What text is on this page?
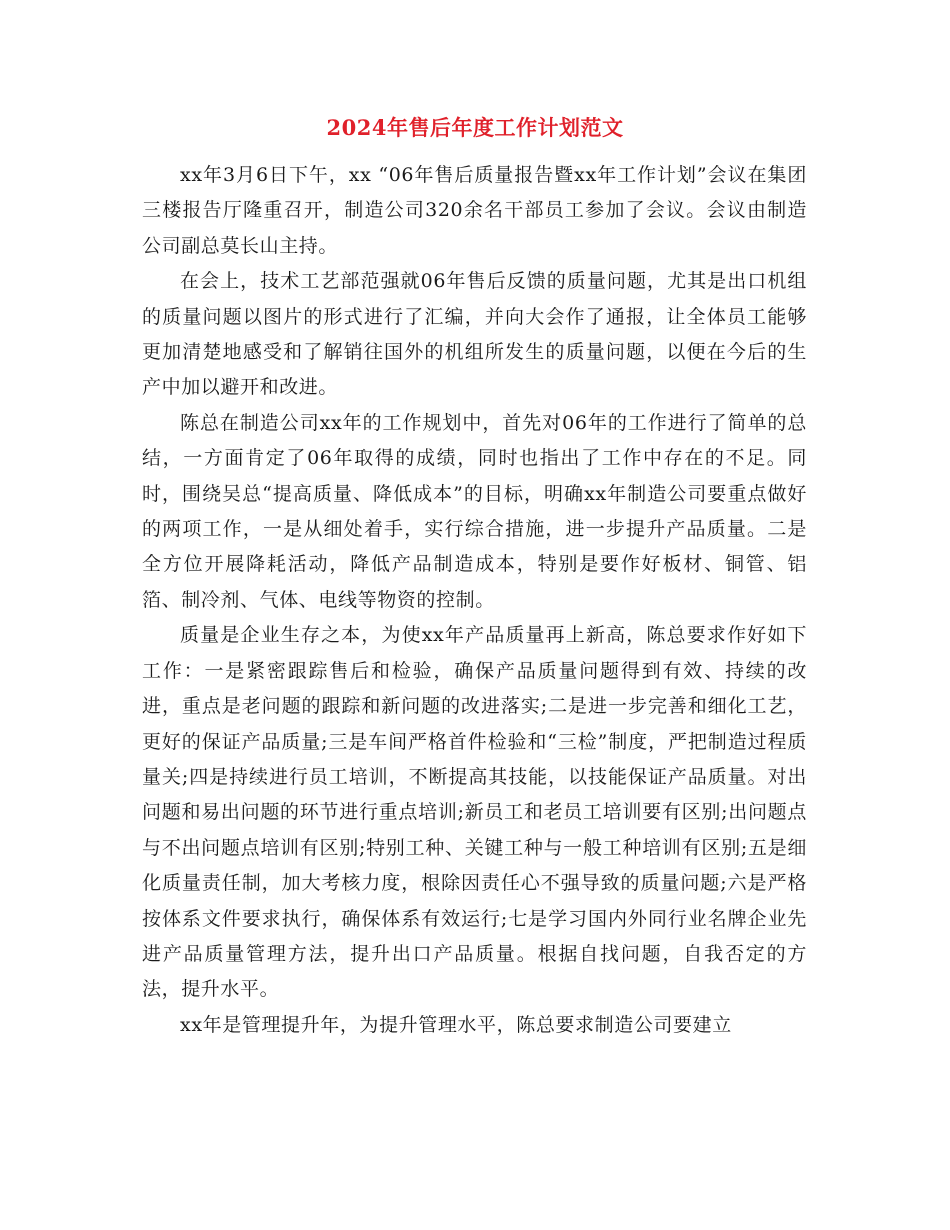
2024年售后年度工作计划范文

xx年3月6日下午，xx “06年售后质量报告暨xx年工作计划”会议在集团三楼报告厅隆重召开，制造公司320余名干部员工参加了会议。会议由制造公司副总莫长山主持。

在会上，技术工艺部范强就06年售后反馈的质量问题，尤其是出口机组的质量问题以图片的形式进行了汇编，并向大会作了通报，让全体员工能够更加清楚地感受和了解销往国外的机组所发生的质量问题，以便在今后的生产中加以避开和改进。

陈总在制造公司xx年的工作规划中，首先对06年的工作进行了简单的总结，一方面肯定了06年取得的成绩，同时也指出了工作中存在的不足。同时，围绕吴总“提高质量、降低成本”的目标，明确xx年制造公司要重点做好的两项工作，一是从细处着手，实行综合措施，进一步提升产品质量。二是全方位开展降耗活动，降低产品制造成本，特别是要作好板材、铜管、铝箔、制冷剂、气体、电线等物资的控制。

质量是企业生存之本，为使xx年产品质量再上新高，陈总要求作好如下工作：一是紧密跟踪售后和检验，确保产品质量问题得到有效、持续的改进，重点是老问题的跟踪和新问题的改进落实;二是进一步完善和细化工艺，更好的保证产品质量;三是车间严格首件检验和“三检”制度，严把制造过程质量关;四是持续进行员工培训，不断提高其技能，以技能保证产品质量。对出问题和易出问题的环节进行重点培训;新员工和老员工培训要有区别;出问题点与不出问题点培训有区别;特别工种、关键工种与一般工种培训有区别;五是细化质量责任制，加大考核力度，根除因责任心不强导致的质量问题;六是严格按体系文件要求执行，确保体系有效运行;七是学习国内外同行业名牌企业先进产品质量管理方法，提升出口产品质量。根据自找问题，自我否定的方法，提升水平。

xx年是管理提升年，为提升管理水平，陈总要求制造公司要建立
